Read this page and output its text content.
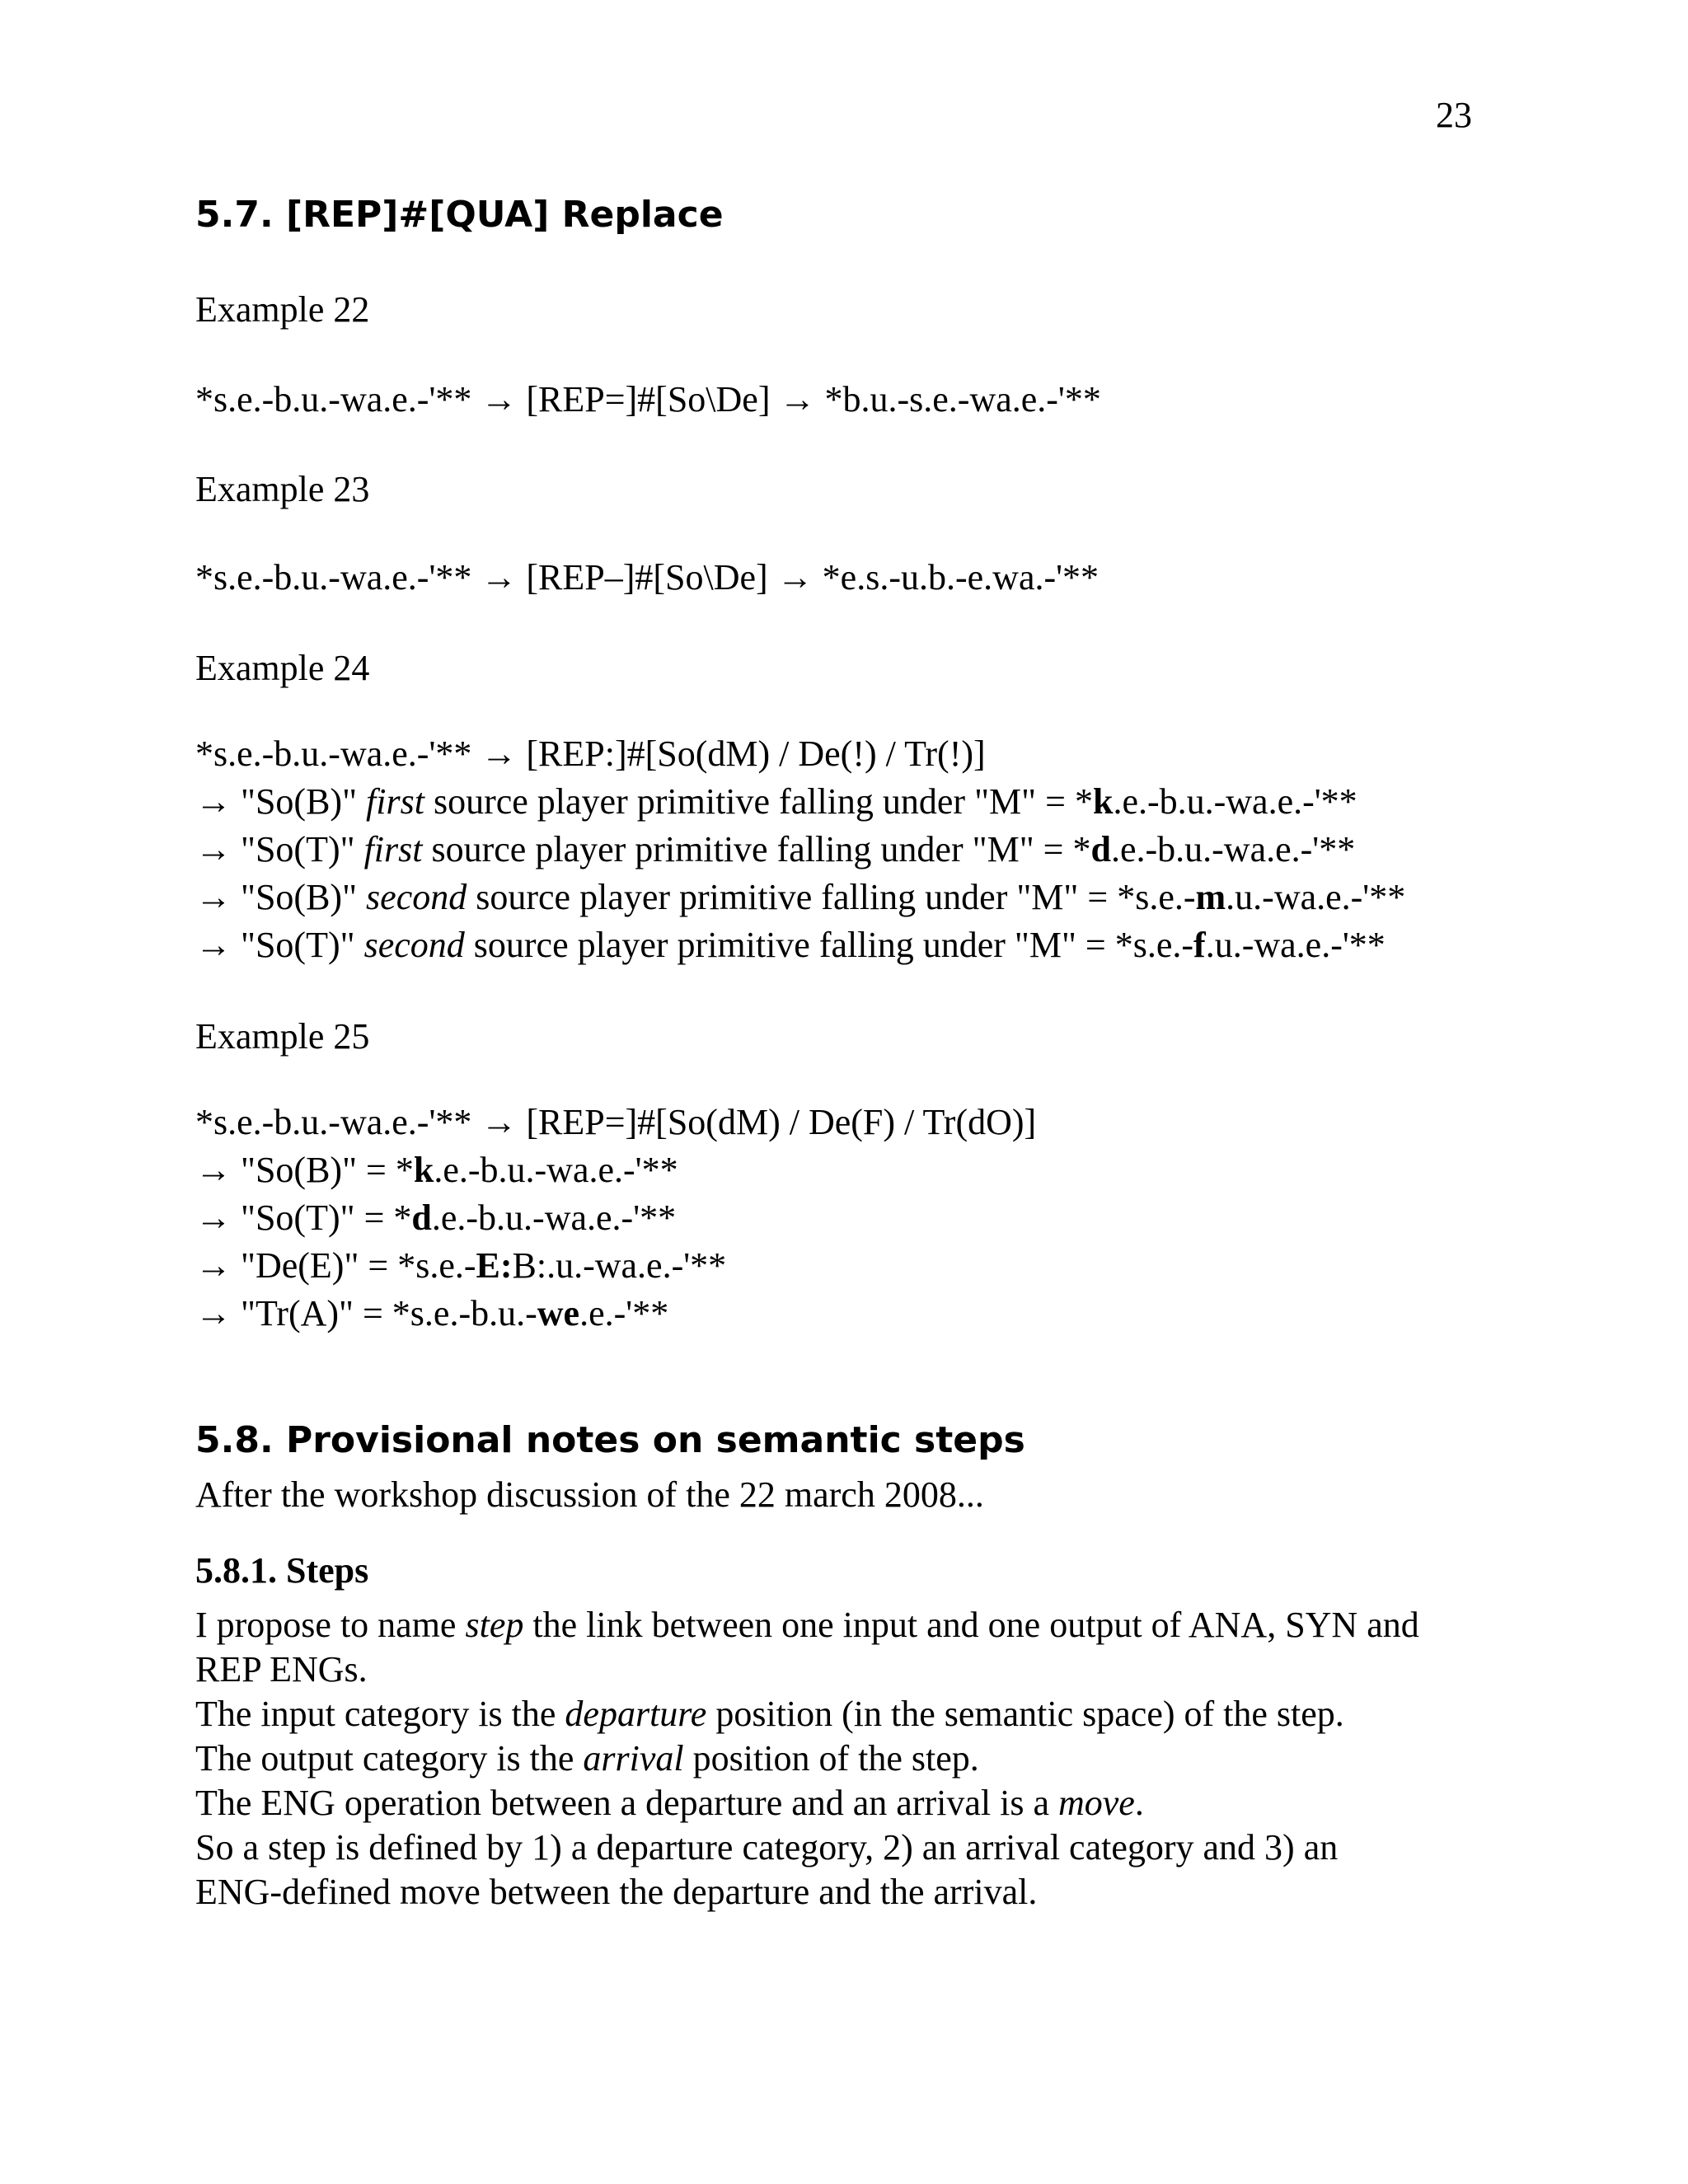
23
5.7. [REP]#[QUA] Replace
Example 22
*s.e.-b.u.-wa.e.-'** → [REP=]#[So\De] → *b.u.-s.e.-wa.e.-'**
Example 23
*s.e.-b.u.-wa.e.-'** → [REP–]#[So\De] → *e.s.-u.b.-e.wa.-'**
Example 24
*s.e.-b.u.-wa.e.-'** → [REP:]#[So(dM) / De(!) / Tr(!)]
→ "So(B)" first source player primitive falling under "M" = *k.e.-b.u.-wa.e.-'**
→ "So(T)" first source player primitive falling under "M" = *d.e.-b.u.-wa.e.-'**
→ "So(B)" second source player primitive falling under "M" = *s.e.-m.u.-wa.e.-'**
→ "So(T)" second source player primitive falling under "M" = *s.e.-f.u.-wa.e.-'**
Example 25
*s.e.-b.u.-wa.e.-'** → [REP=]#[So(dM) / De(F) / Tr(dO)]
→ "So(B)" = *k.e.-b.u.-wa.e.-'**
→ "So(T)" = *d.e.-b.u.-wa.e.-'**
→ "De(E)" = *s.e.-E:B:.u.-wa.e.-'**
→ "Tr(A)" = *s.e.-b.u.-we.e.-'**
5.8. Provisional notes on semantic steps
After the workshop discussion of the 22 march 2008...
5.8.1. Steps
I propose to name step the link between one input and one output of ANA, SYN and REP ENGs.
The input category is the departure position (in the semantic space) of the step.
The output category is the arrival position of the step.
The ENG operation between a departure and an arrival is a move.
So a step is defined by 1) a departure category, 2) an arrival category and 3) an ENG-defined move between the departure and the arrival.
